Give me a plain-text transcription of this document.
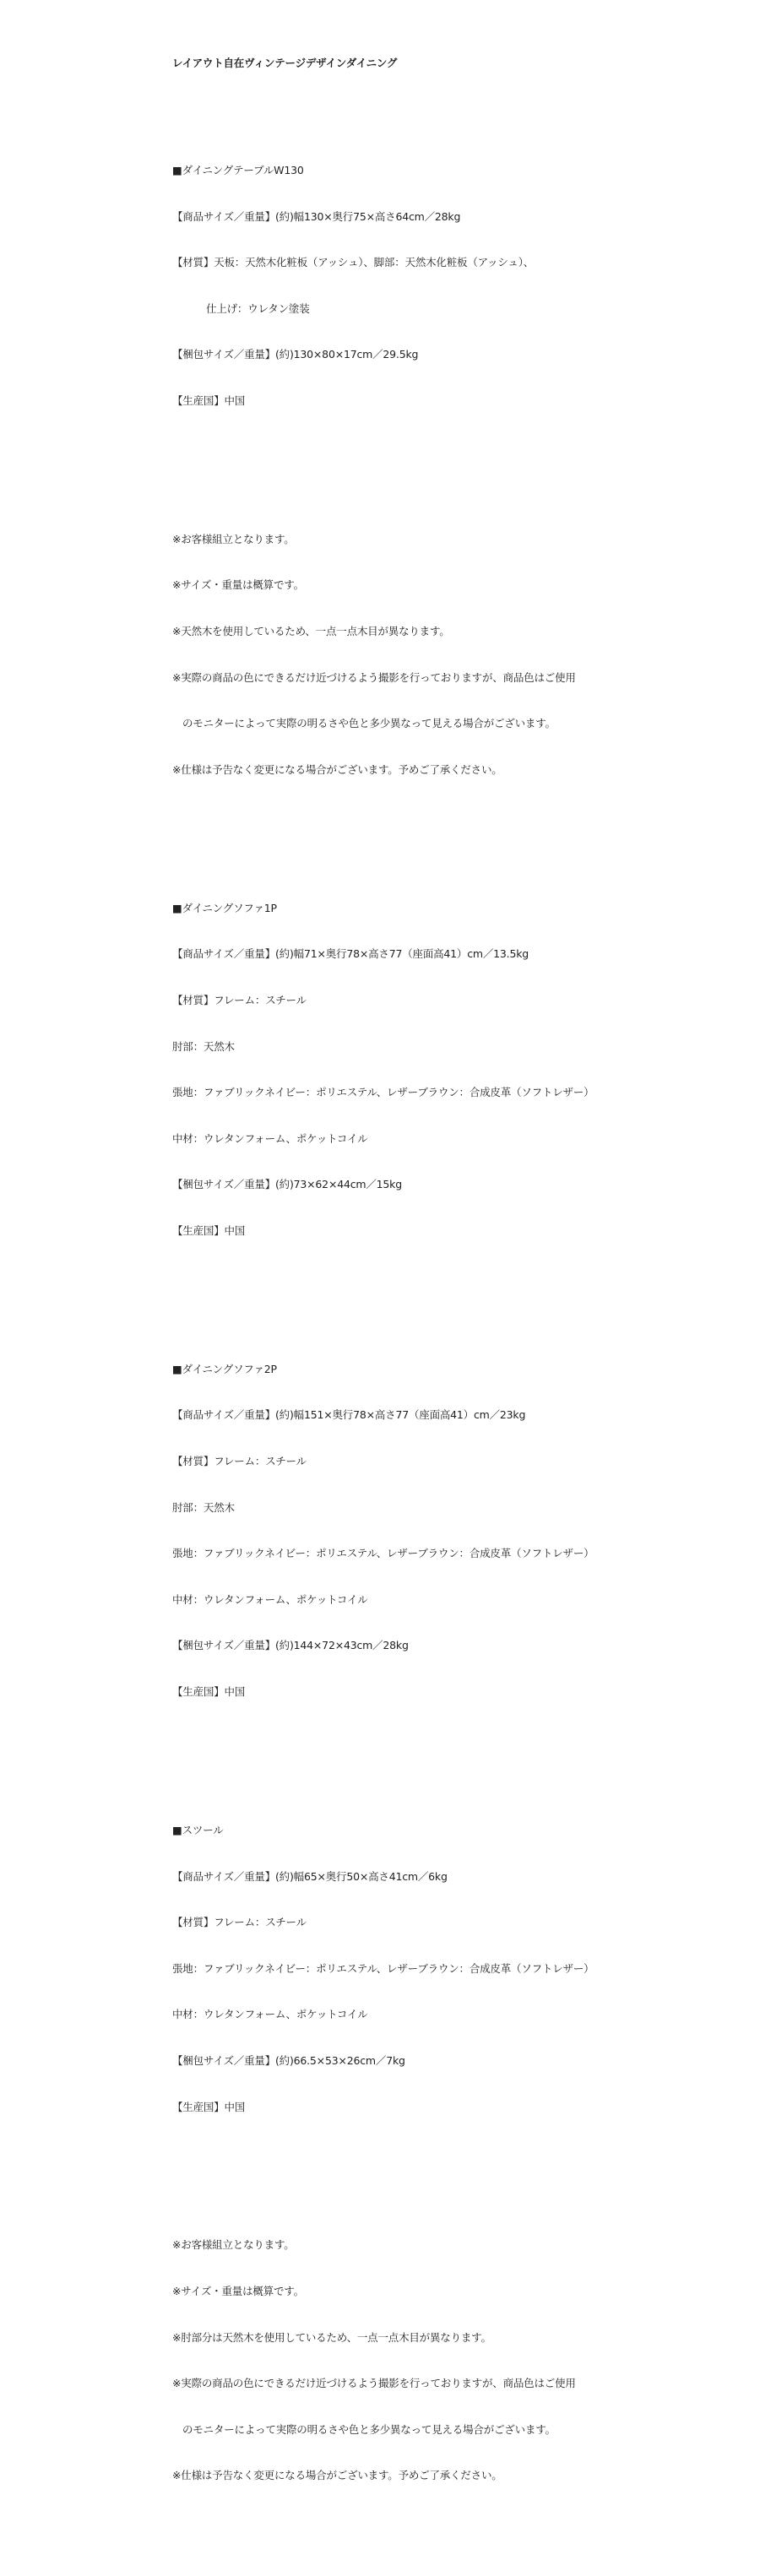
レイアウト自在ヴィンテージデザインダイニング

■ダイニングテーブルW130

【商品サイズ／重量】(約)幅130×奥行75×高さ64cm／28kg

【材質】天板：天然木化粧板（アッシュ）、脚部：天然木化粧板（アッシュ）、

仕上げ：ウレタン塗装

【梱包サイズ／重量】(約)130×80×17cm／29.5kg

【生産国】中国

※お客様組立となります。

※サイズ・重量は概算です。

※天然木を使用しているため、一点一点木目が異なります。

※実際の商品の色にできるだけ近づけるよう撮影を行っておりますが、商品色はご使用

のモニターによって実際の明るさや色と多少異なって見える場合がございます。

※仕様は予告なく変更になる場合がございます。予めご了承ください。

■ダイニングソファ1P

【商品サイズ／重量】(約)幅71×奥行78×高さ77（座面高41）cm／13.5kg

【材質】フレーム：スチール

肘部：天然木

張地：ファブリックネイビー：ポリエステル、レザーブラウン：合成皮革（ソフトレザー）

中材：ウレタンフォーム、ポケットコイル

【梱包サイズ／重量】(約)73×62×44cm／15kg

【生産国】中国

■ダイニングソファ2P

【商品サイズ／重量】(約)幅151×奥行78×高さ77（座面高41）cm／23kg

【材質】フレーム：スチール

肘部：天然木

張地：ファブリックネイビー：ポリエステル、レザーブラウン：合成皮革（ソフトレザー）

中材：ウレタンフォーム、ポケットコイル

【梱包サイズ／重量】(約)144×72×43cm／28kg

【生産国】中国

■スツール

【商品サイズ／重量】(約)幅65×奥行50×高さ41cm／6kg

【材質】フレーム：スチール

張地：ファブリックネイビー：ポリエステル、レザーブラウン：合成皮革（ソフトレザー）

中材：ウレタンフォーム、ポケットコイル

【梱包サイズ／重量】(約)66.5×53×26cm／7kg

【生産国】中国

※お客様組立となります。

※サイズ・重量は概算です。

※肘部分は天然木を使用しているため、一点一点木目が異なります。

※実際の商品の色にできるだけ近づけるよう撮影を行っておりますが、商品色はご使用

のモニターによって実際の明るさや色と多少異なって見える場合がございます。

※仕様は予告なく変更になる場合がございます。予めご了承ください。
